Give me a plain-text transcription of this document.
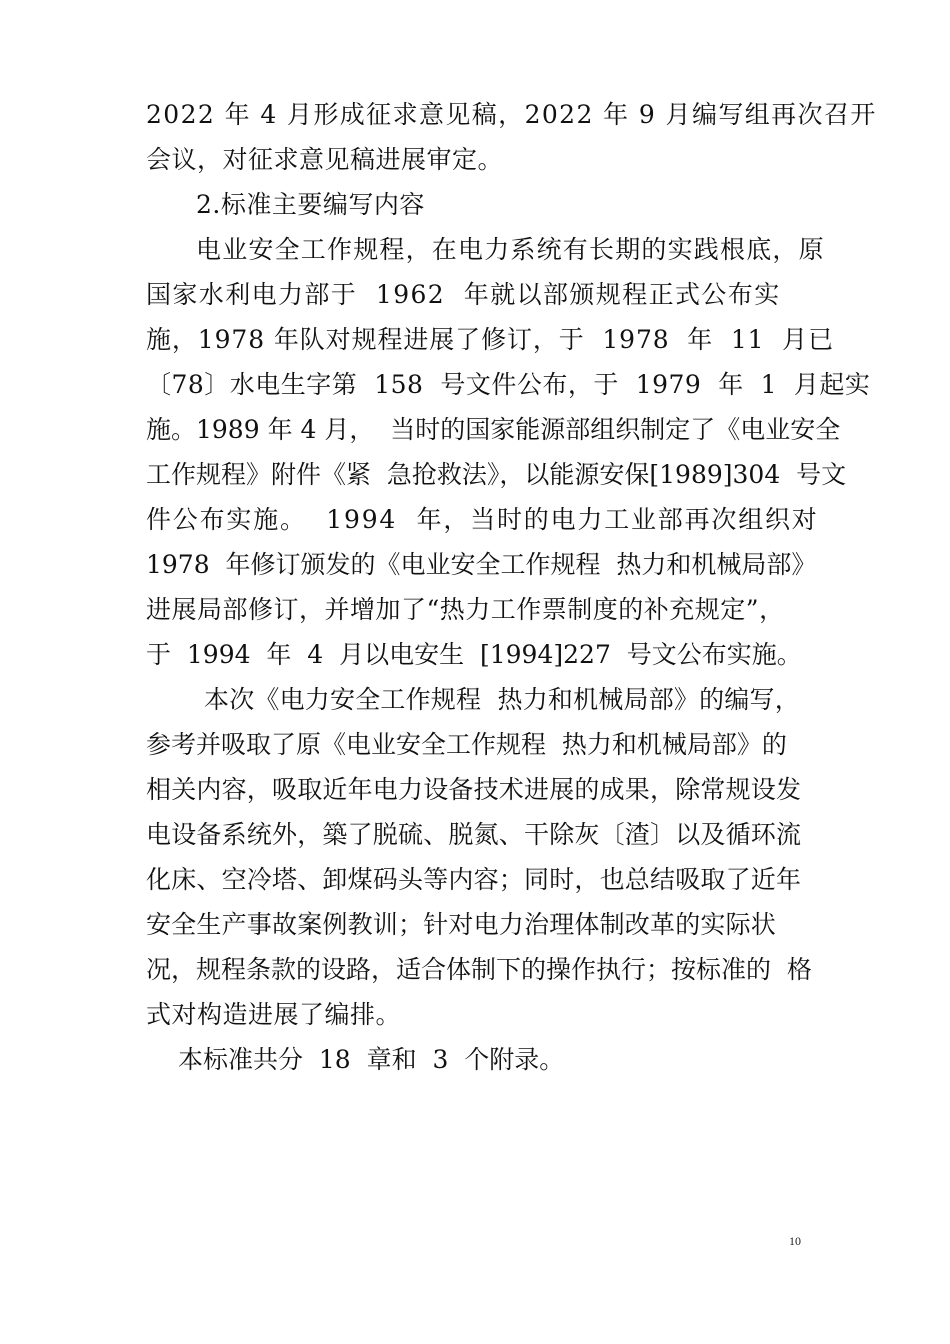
2022 年 4 月形成征求意见稿，2022 年 9 月编写组再次召开
会议，对征求意见稿进展审定。
2.标准主要编写内容
电业安全工作规程，在电力系统有长期的实践根底，原
国家水利电力部于  1962  年就以部颁规程正式公布实
施，1978 年队对规程进展了修订，于  1978  年  11  月已
〔78〕水电生字第  158  号文件公布，于  1979  年  1  月起实
施。1989 年 4 月，  当时的国家能源部组织制定了《电业安全
工作规程》附件《紧  急抢救法》，以能源安保[1989]304  号文
件公布实施。  1994  年，当时的电力工业部再次组织对
1978  年修订颁发的《电业安全工作规程  热力和机械局部》
进展局部修订，并增加了“热力工作票制度的补充规定”，
于  1994  年  4  月以电安生  [1994]227  号文公布实施。
本次《电力安全工作规程  热力和机械局部》的编写，
参考并吸取了原《电业安全工作规程  热力和机械局部》的
相关内容，吸取近年电力设备技术进展的成果，除常规设发
电设备系统外，築了脱硫、脱氮、干除灰〔渣〕以及循环流
化床、空冷塔、卸煤码头等内容；同时，也总结吸取了近年
安全生产事故案例教训；针对电力治理体制改革的实际状
况，规程条款的设路，适合体制下的操作执行；按标准的  格
式对构造进展了编排。
本标准共分  18  章和  3  个附录。
10
